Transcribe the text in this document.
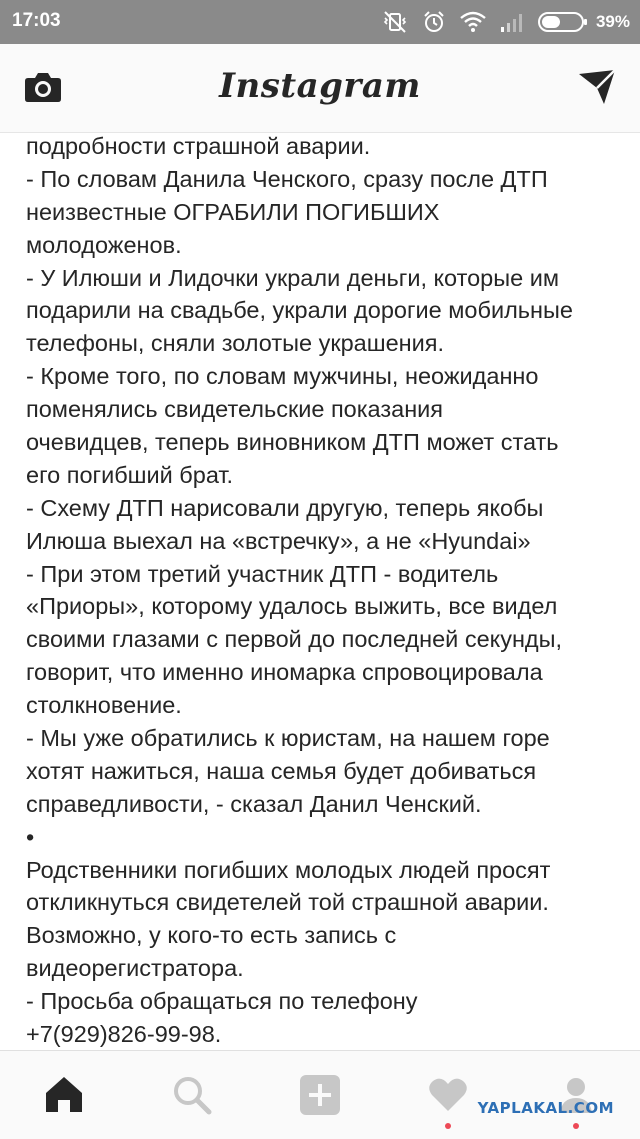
17:03	39%
Instagram
подробности страшной аварии.
- По словам Данила Ченского, сразу после ДТП
неизвестные ОГРАБИЛИ ПОГИБШИХ
молодоженов.
- У Илюши и Лидочки украли деньги, которые им
подарили на свадьбе, украли дорогие мобильные
телефоны, сняли золотые украшения.
- Кроме того, по словам мужчины, неожиданно
поменялись свидетельские показания
очевидцев, теперь виновником ДТП может стать
его погибший брат.
- Схему ДТП нарисовали другую, теперь якобы
Илюша выехал на «встречку», а не «Hyundai»
- При этом третий участник ДТП - водитель
«Приоры», которому удалось выжить, все видел
своими глазами с первой до последней секунды,
говорит, что именно иномарка спровоцировала
столкновение.
- Мы уже обратились к юристам, на нашем горе
хотят нажиться, наша семья будет добиваться
справедливости, - сказал Данил Ченский.
•
Родственники погибших молодых людей просят
откликнуться свидетелей той страшной аварии.
Возможно, у кого-то есть запись с
видеорегистратора.
- Просьба обращаться по телефону
+7(929)826-99-98.
YAPLAKAL.COM
